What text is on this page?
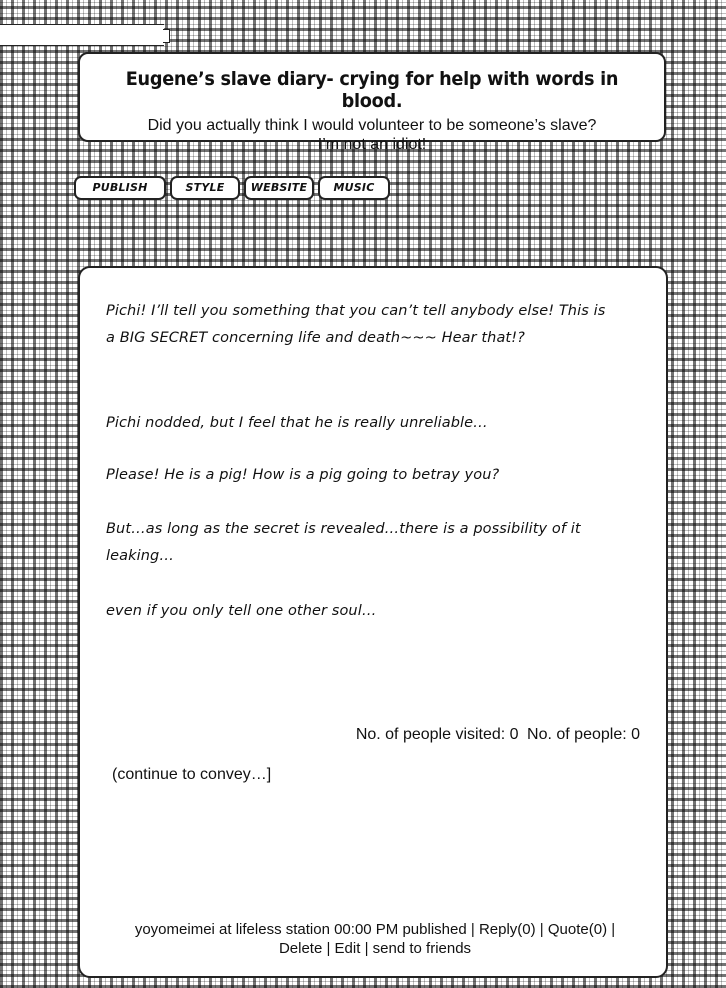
Eugene’s slave diary- crying for help with words in blood.
Did you actually think I would volunteer to be someone’s slave?
I’m not an idiot!
PUBLISH	STYLE	WEBSITE	MUSIC
Pichi! I’ll tell you something that you can’t tell anybody else! This is a BIG SECRET concerning life and death~~~ Hear that!?
Pichi nodded, but I feel that he is really unreliable…
Please! He is a pig! How is a pig going to betray you?
But…as long as the secret is revealed…there is a possibility of it leaking…
even if you only tell one other soul…
No. of people visited: 0 No. of people: 0
(continue to convey…]
yoyomeimei at lifeless station 00:00 PM published | Reply(0) | Quote(0) |
Delete | Edit | send to friends
